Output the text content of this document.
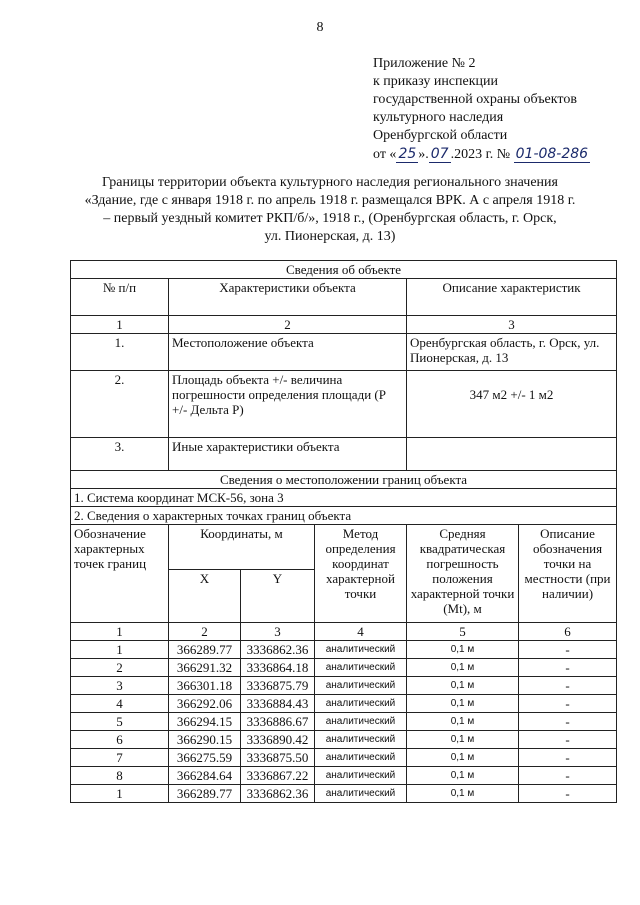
8
Приложение № 2
к приказу инспекции
государственной охраны объектов
культурного наследия
Оренбургской области
от « 25 ». 07 .2023 г. № 01-08-286
Границы территории объекта культурного наследия регионального значения
«Здание, где с января 1918 г. по апрель 1918 г. размещался ВРК. А с апреля 1918 г.
– первый уездный комитет РКП/б/», 1918 г., (Оренбургская область, г. Орск,
ул. Пионерская, д. 13)
Сведения об объекте					
№ п/п	Характеристики объекта			Описание характеристик	
1	2			3	
1.	Местоположение объекта			Оренбургская область, г. Орск, ул. Пионерская, д. 13	
2.	Площадь объекта +/- величина погрешности определения площади (Р +/- Дельта Р)			347 м2 +/- 1 м2	
3.	Иные характеристики объекта				
Сведения о местоположении границ объекта					
1. Система координат МСК-56, зона 3					
2. Сведения о характерных точках границ объекта					
Обозначение характерных точек границ	Координаты, м		Метод определения координат характерной точки	Средняя квадратическая погрешность положения характерной точки (Mt), м	Описание обозначения точки на местности (при наличии)
	X	Y			
1	2	3	4	5	6
1	366289.77	3336862.36	аналитический	0,1 м	-
2	366291.32	3336864.18	аналитический	0,1 м	-
3	366301.18	3336875.79	аналитический	0,1 м	-
4	366292.06	3336884.43	аналитический	0,1 м	-
5	366294.15	3336886.67	аналитический	0,1 м	-
6	366290.15	3336890.42	аналитический	0,1 м	-
7	366275.59	3336875.50	аналитический	0,1 м	-
8	366284.64	3336867.22	аналитический	0,1 м	-
1	366289.77	3336862.36	аналитический	0,1 м	-
